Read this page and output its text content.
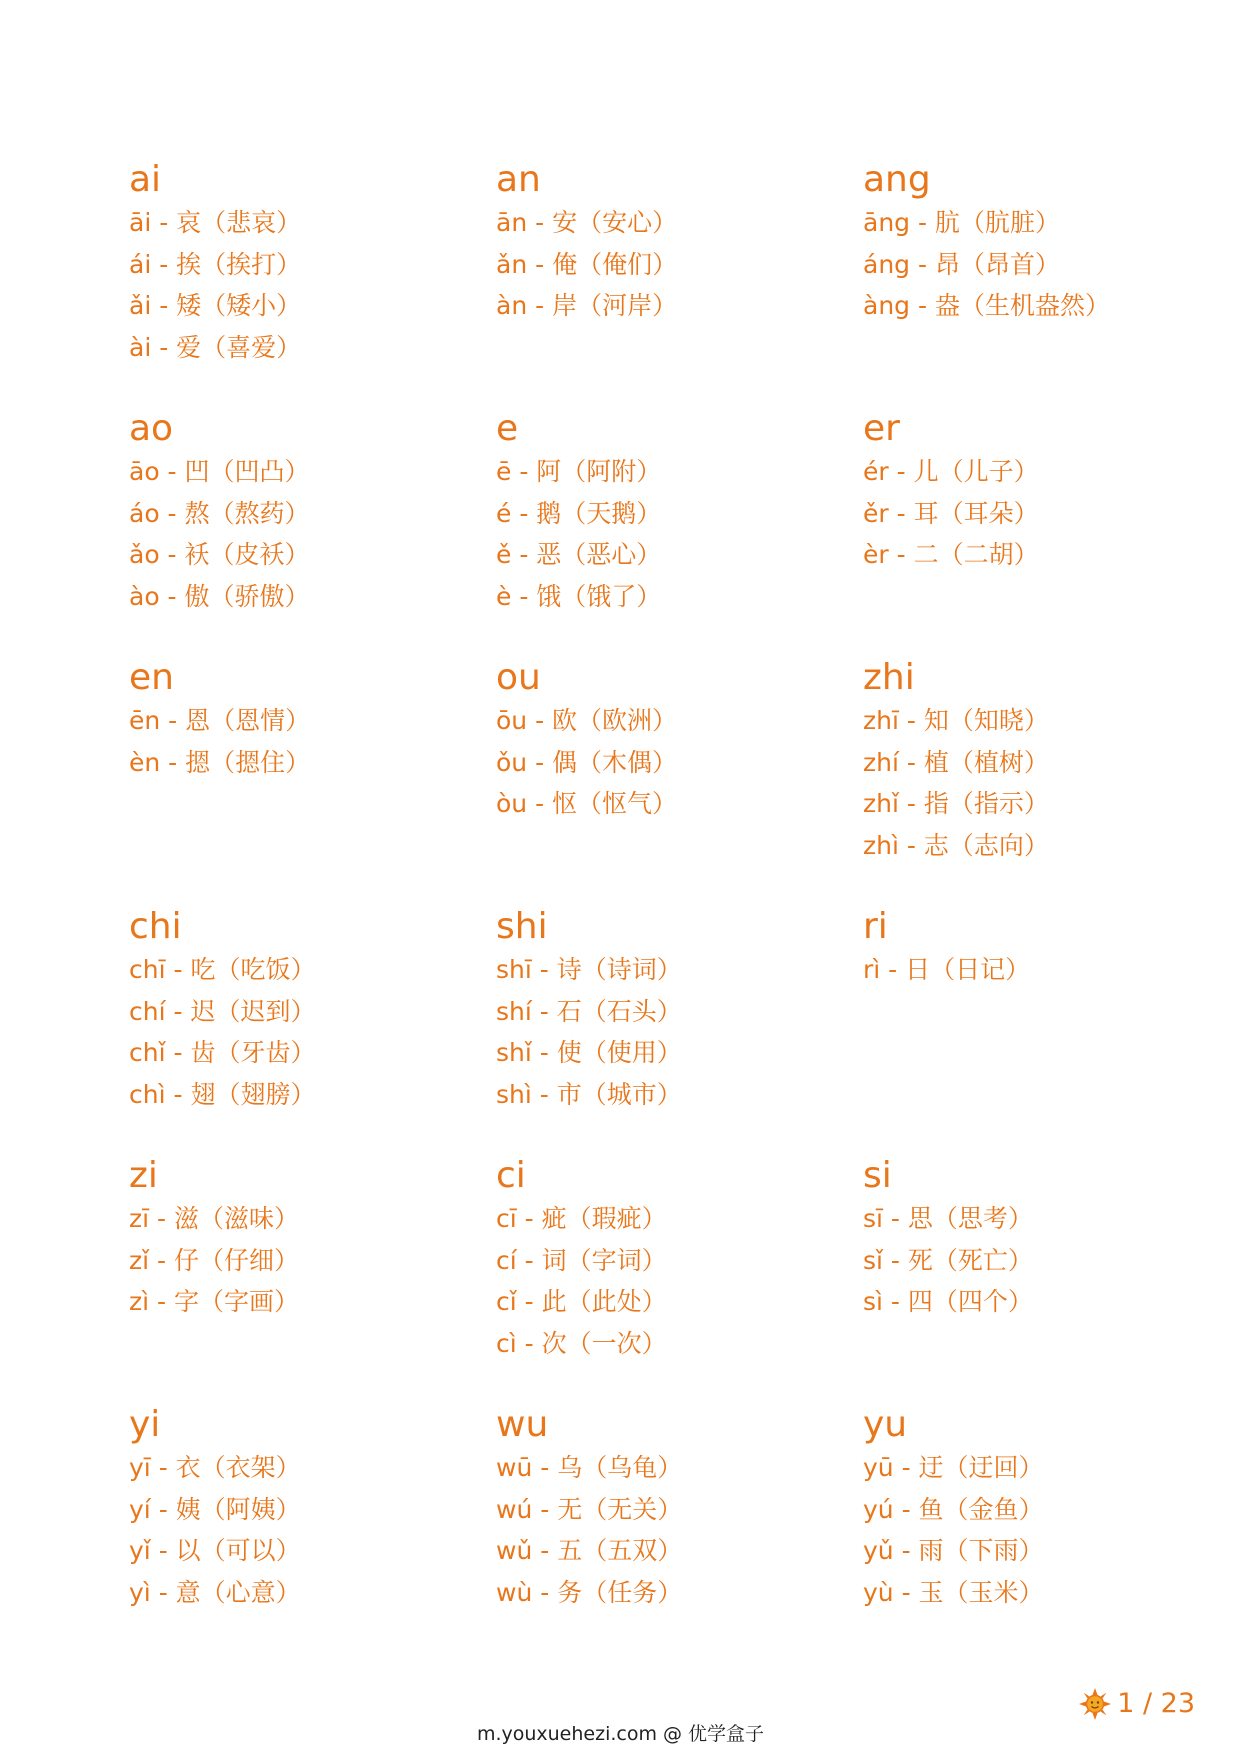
ai
āi - 哀（悲哀）
ái - 挨（挨打）
ǎi - 矮（矮小）
ài - 爱（喜爱）
an
ān - 安（安心）
ǎn - 俺（俺们）
àn - 岸（河岸）
ang
āng - 肮（肮脏）
áng - 昂（昂首）
àng - 盎（生机盎然）
ao
āo - 凹（凹凸）
áo - 熬（熬药）
ǎo - 袄（皮袄）
ào - 傲（骄傲）
e
ē - 阿（阿附）
é - 鹅（天鹅）
ě - 恶（恶心）
è - 饿（饿了）
er
ér - 儿（儿子）
ěr - 耳（耳朵）
èr - 二（二胡）
en
ēn - 恩（恩情）
èn - 摁（摁住）
ou
ōu - 欧（欧洲）
ǒu - 偶（木偶）
òu - 怄（怄气）
zhi
zhī - 知（知晓）
zhí - 植（植树）
zhǐ - 指（指示）
zhì - 志（志向）
chi
chī - 吃（吃饭）
chí - 迟（迟到）
chǐ - 齿（牙齿）
chì - 翅（翅膀）
shi
shī - 诗（诗词）
shí - 石（石头）
shǐ - 使（使用）
shì - 市（城市）
ri
rì - 日（日记）
zi
zī - 滋（滋味）
zǐ - 仔（仔细）
zì - 字（字画）
ci
cī - 疵（瑕疵）
cí - 词（字词）
cǐ - 此（此处）
cì - 次（一次）
si
sī - 思（思考）
sǐ - 死（死亡）
sì - 四（四个）
yi
yī - 衣（衣架）
yí - 姨（阿姨）
yǐ - 以（可以）
yì - 意（心意）
wu
wū - 乌（乌龟）
wú - 无（无关）
wǔ - 五（五双）
wù - 务（任务）
yu
yū - 迂（迂回）
yú - 鱼（金鱼）
yǔ - 雨（下雨）
yù - 玉（玉米）
1 / 23
m.youxuehezi.com @ 优学盒子
